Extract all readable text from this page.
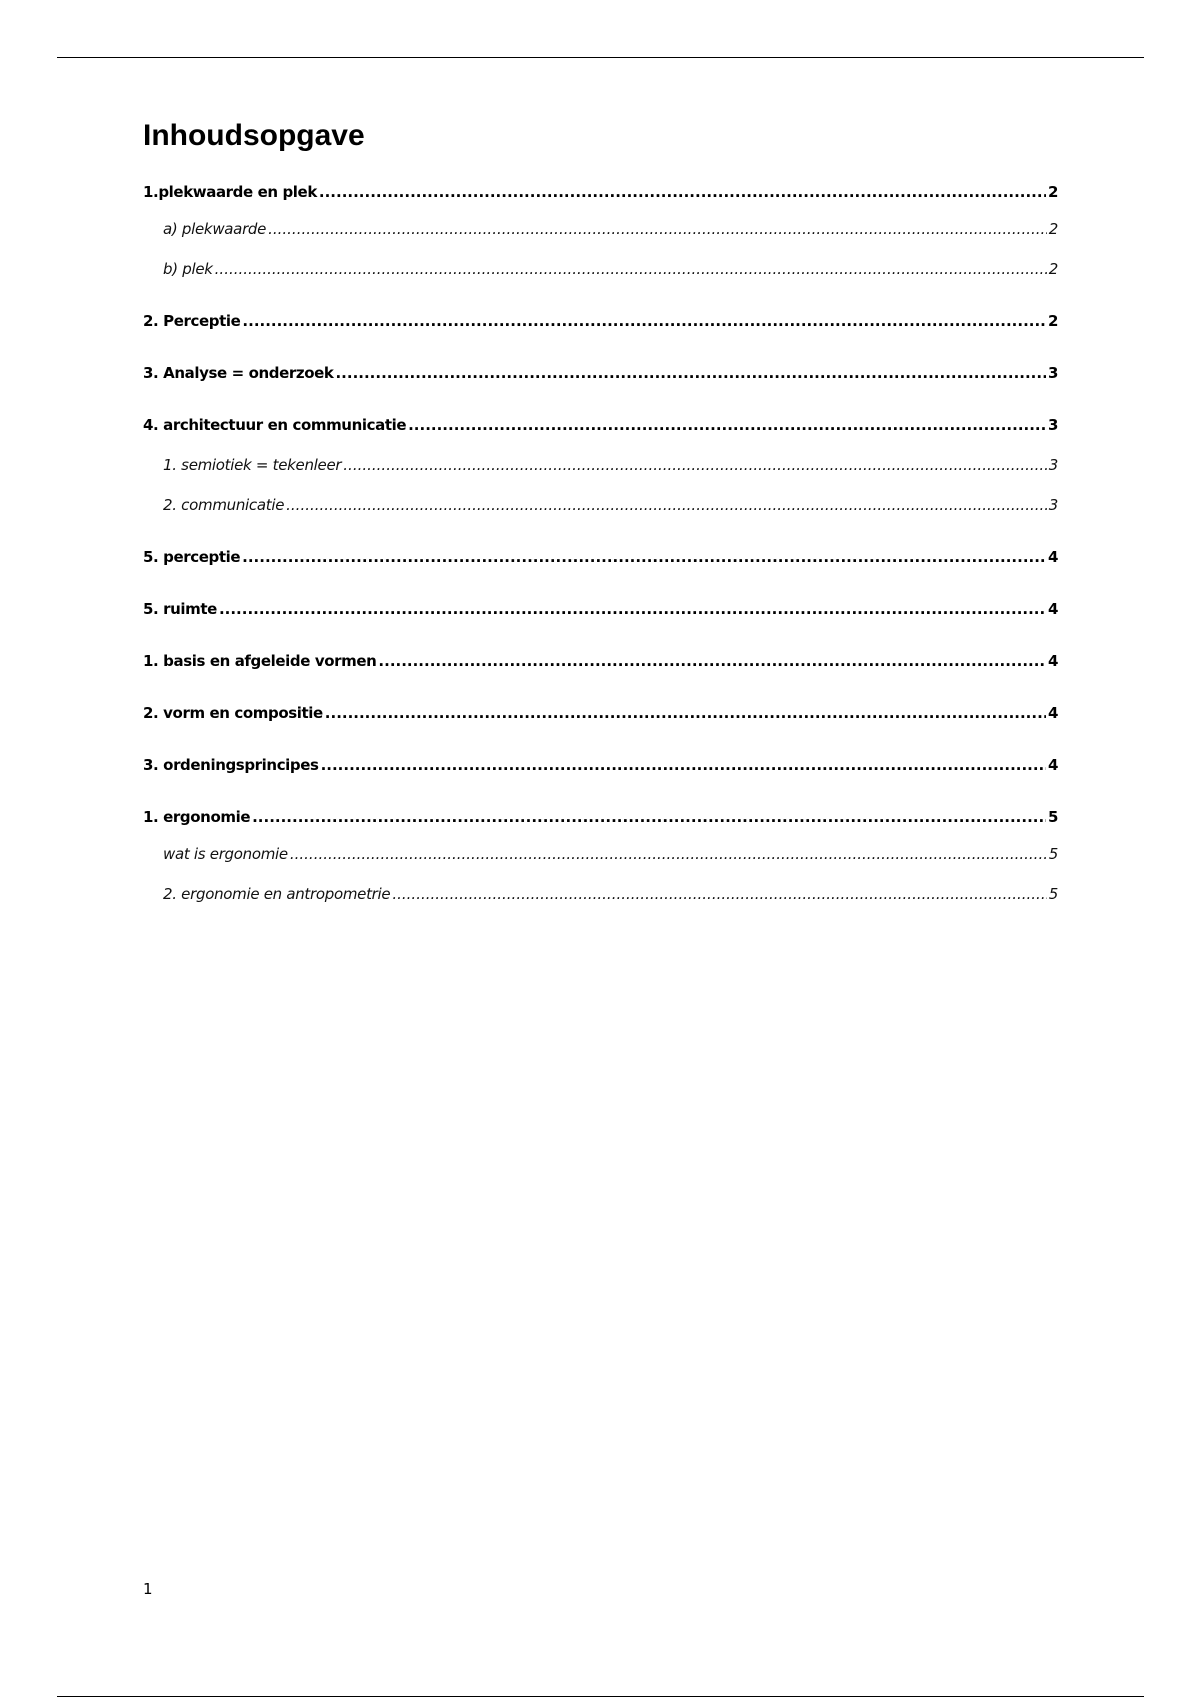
Inhoudsopgave
1.plekwaarde en plek .....	2
a) plekwaarde .....	2
b) plek .....	2
2. Perceptie .....	2
3. Analyse = onderzoek .....	3
4. architectuur en communicatie .....	3
1. semiotiek = tekenleer .....	3
2. communicatie .....	3
5. perceptie .....	4
5. ruimte .....	4
1. basis en afgeleide vormen .....	4
2. vorm en compositie .....	4
3. ordeningsprincipes .....	4
1. ergonomie .....	5
wat is ergonomie .....	5
2. ergonomie en antropometrie .....	5
1
